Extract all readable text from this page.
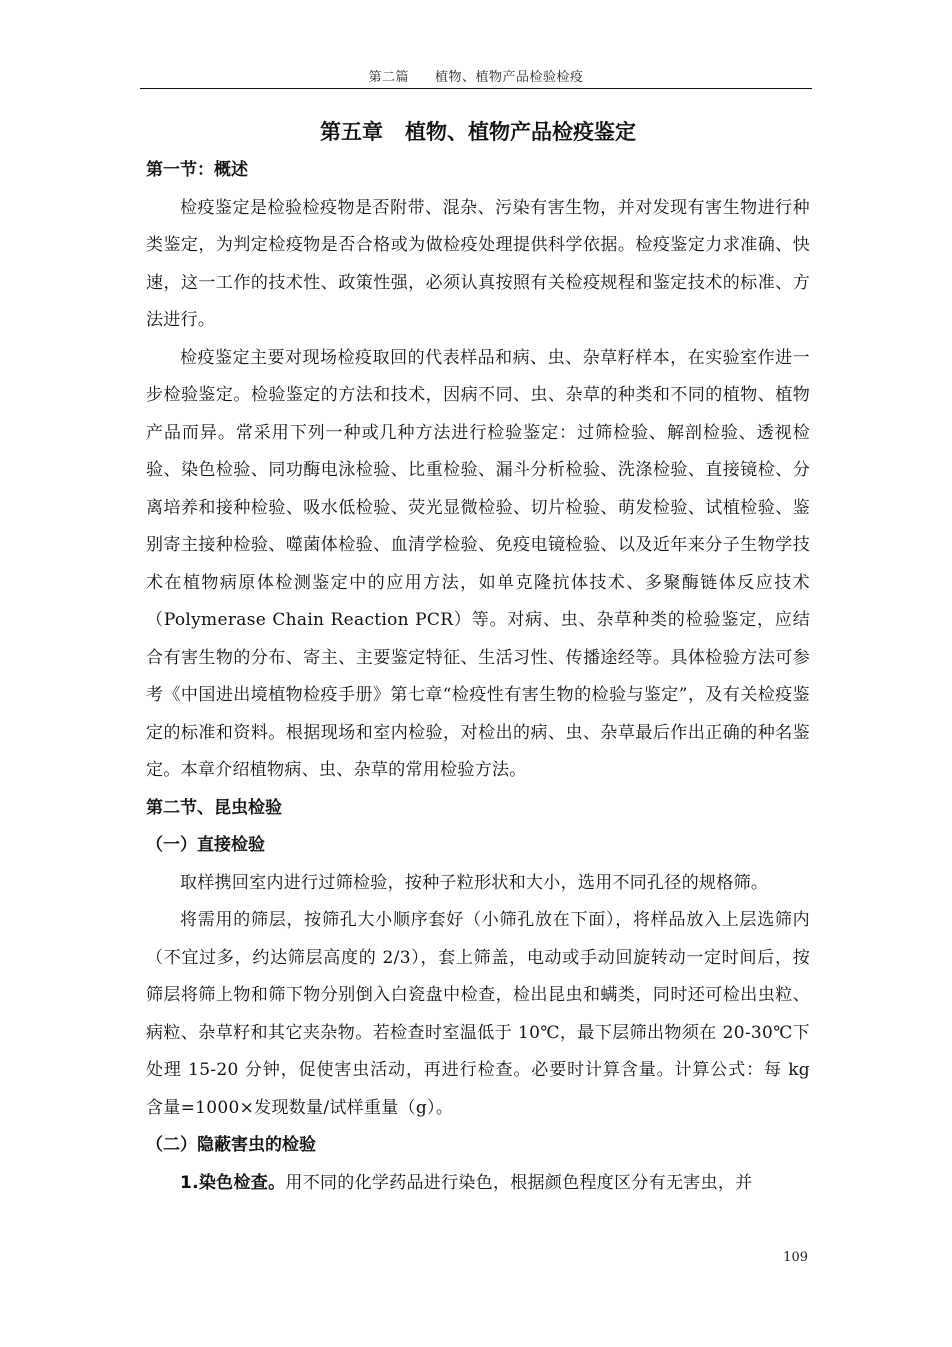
第二篇 植物、植物产品检验检疫
第五章 植物、植物产品检疫鉴定
第一节：概述

检疫鉴定是检验检疫物是否附带、混杂、污染有害生物，并对发现有害生物进行种类鉴定，为判定检疫物是否合格或为做检疫处理提供科学依据。检疫鉴定力求准确、快速，这一工作的技术性、政策性强，必须认真按照有关检疫规程和鉴定技术的标准、方法进行。

检疫鉴定主要对现场检疫取回的代表样品和病、虫、杂草籽样本，在实验室作进一步检验鉴定。检验鉴定的方法和技术，因病不同、虫、杂草的种类和不同的植物、植物产品而异。常采用下列一种或几种方法进行检验鉴定：过筛检验、解剖检验、透视检验、染色检验、同功酶电泳检验、比重检验、漏斗分析检验、洗涤检验、直接镜检、分离培养和接种检验、吸水低检验、荧光显微检验、切片检验、萌发检验、试植检验、鉴别寄主接种检验、噬菌体检验、血清学检验、免疫电镜检验、以及近年来分子生物学技术在植物病原体检测鉴定中的应用方法，如单克隆抗体技术、多聚酶链体反应技术（Polymerase Chain Reaction PCR）等。对病、虫、杂草种类的检验鉴定，应结合有害生物的分布、寄主、主要鉴定特征、生活习性、传播途经等。具体检验方法可参考《中国进出境植物检疫手册》第七章“检疫性有害生物的检验与鉴定”，及有关检疫鉴定的标准和资料。根据现场和室内检验，对检出的病、虫、杂草最后作出正确的种名鉴定。本章介绍植物病、虫、杂草的常用检验方法。

第二节、昆虫检验
（一）直接检验

取样携回室内进行过筛检验，按种子粒形状和大小，选用不同孔径的规格筛。

将需用的筛层，按筛孔大小顺序套好（小筛孔放在下面），将样品放入上层选筛内（不宜过多，约达筛层高度的 2/3），套上筛盖，电动或手动回旋转动一定时间后，按筛层将筛上物和筛下物分别倒入白瓷盘中检查，检出昆虫和螨类，同时还可检出虫粒、病粒、杂草籽和其它夹杂物。若检查时室温低于 10℃，最下层筛出物须在 20-30℃下处理 15-20 分钟，促使害虫活动，再进行检查。必要时计算含量。计算公式：每 kg 含量=1000×发现数量/试样重量（g）。

（二）隐蔽害虫的检验

1.染色检查。用不同的化学药品进行染色，根据颜色程度区分有无害虫，并

109
